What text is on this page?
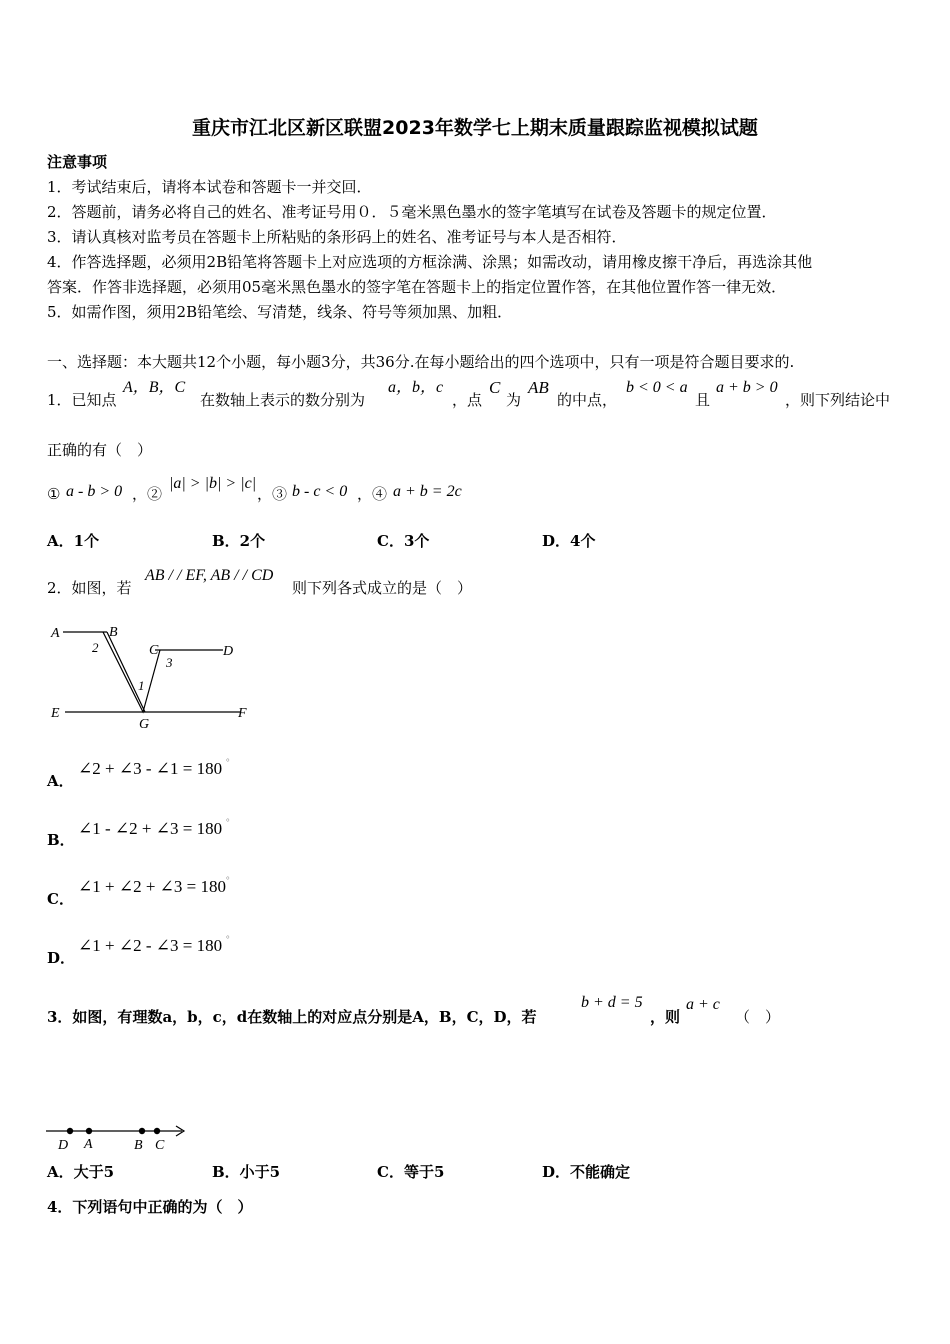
重庆市江北区新区联盟2023年数学七上期末质量跟踪监视模拟试题
注意事项
1．考试结束后，请将本试卷和答题卡一并交回．
2．答题前，请务必将自己的姓名、准考证号用０．５毫米黑色墨水的签字笔填写在试卷及答题卡的规定位置．
3．请认真核对监考员在答题卡上所粘贴的条形码上的姓名、准考证号与本人是否相符．
4．作答选择题，必须用2B铅笔将答题卡上对应选项的方框涂满、涂黑；如需改动，请用橡皮擦干净后，再选涂其他
答案．作答非选择题，必须用05毫米黑色墨水的签字笔在答题卡上的指定位置作答，在其他位置作答一律无效．
5．如需作图，须用2B铅笔绘、写清楚，线条、符号等须加黑、加粗．
一、选择题：本大题共12个小题，每小题3分，共36分.在每小题给出的四个选项中，只有一项是符合题目要求的.
1．已知点
A，B，C
在数轴上表示的数分别为
a，b，c
，点
C
为
AB
的中点，
b < 0 < a
且
a + b > 0
，则下列结论中
正确的有（　）
① a - b > 0 ，②
|a| > |b| > |c|
，③ b - c < 0 ，④ a + b = 2c
A．1个	B．2个	C．3个	D．4个
2．如图，若
AB / / EF, AB / / CD
则下列各式成立的是（　）
A	B
C	D
E
G
F
1
2
3
A．
∠2 + ∠3 - ∠1 = 180 °
B．
∠1 - ∠2 + ∠3 = 180 °
C．
∠1 + ∠2 + ∠3 = 180 °
D．
∠1 + ∠2 - ∠3 = 180 °
3．如图，有理数a，b，c，d在数轴上的对应点分别是A，B，C，D，若
b + d = 5
，则
a + c
（　）
D A	B C
A．大于5	B．小于5	C．等于5	D．不能确定
4．下列语句中正确的为（　）
